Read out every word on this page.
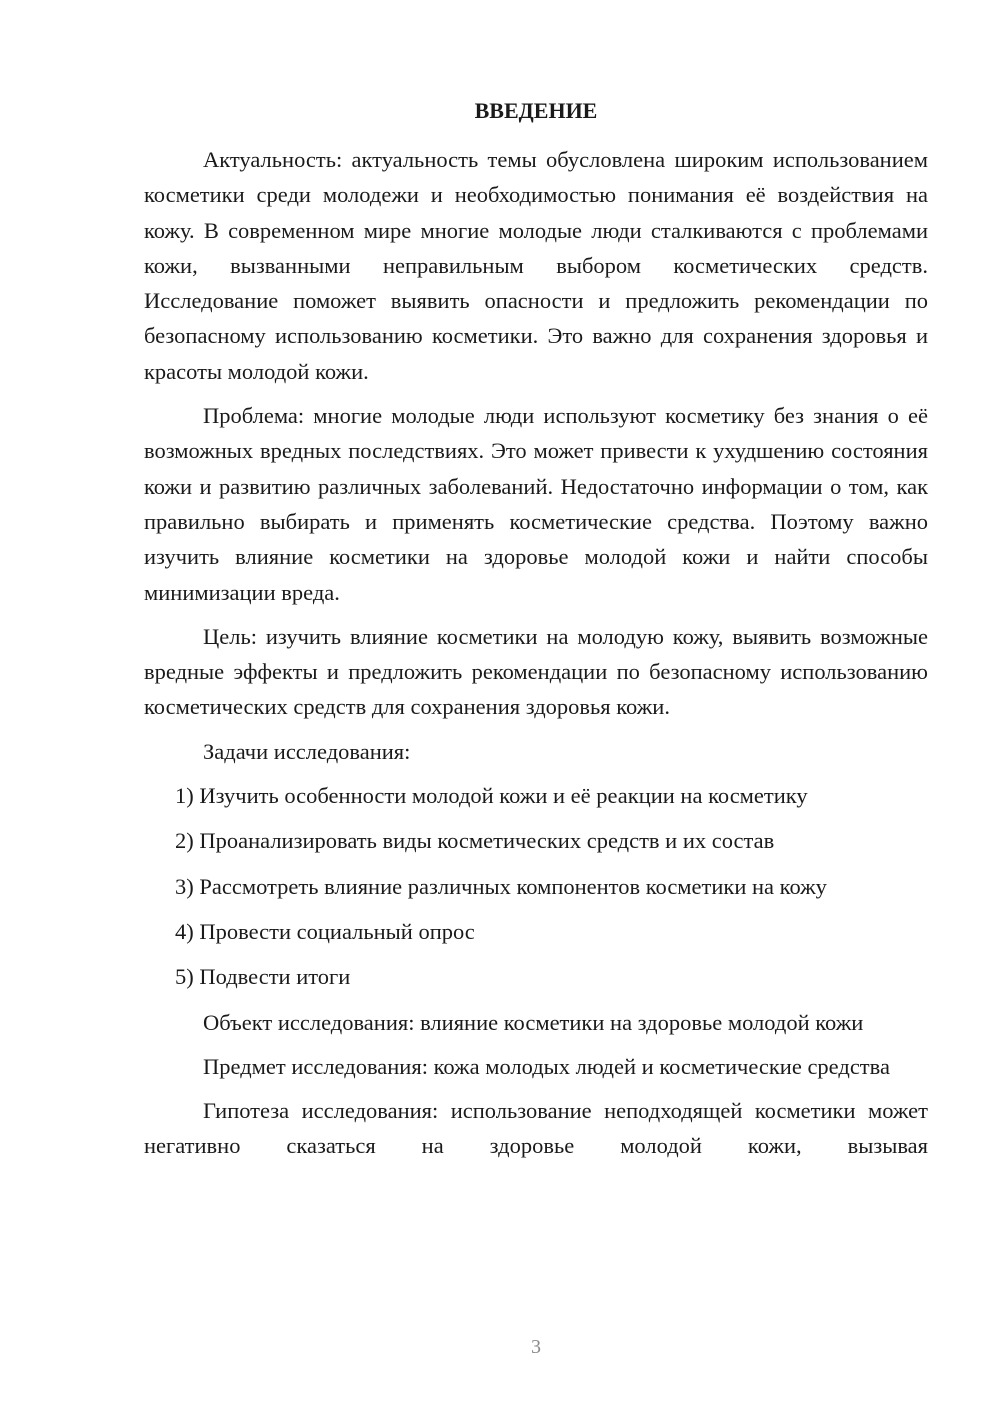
ВВЕДЕНИЕ

Актуальность: актуальность темы обусловлена широким использованием косметики среди молодежи и необходимостью понимания её воздействия на кожу. В современном мире многие молодые люди сталкиваются с проблемами кожи, вызванными неправильным выбором косметических средств. Исследование поможет выявить опасности и предложить рекомендации по безопасному использованию косметики. Это важно для сохранения здоровья и красоты молодой кожи.

Проблема: многие молодые люди используют косметику без знания о её возможных вредных последствиях. Это может привести к ухудшению состояния кожи и развитию различных заболеваний. Недостаточно информации о том, как правильно выбирать и применять косметические средства. Поэтому важно изучить влияние косметики на здоровье молодой кожи и найти способы минимизации вреда.

Цель: изучить влияние косметики на молодую кожу, выявить возможные вредные эффекты и предложить рекомендации по безопасному использованию косметических средств для сохранения здоровья кожи.

Задачи исследования:

1) Изучить особенности молодой кожи и её реакции на косметику

2) Проанализировать виды косметических средств и их состав

3) Рассмотреть влияние различных компонентов косметики на кожу

4) Провести социальный опрос

5) Подвести итоги

Объект исследования: влияние косметики на здоровье молодой кожи

Предмет исследования: кожа молодых людей и косметические средства

Гипотеза исследования: использование неподходящей косметики может негативно сказаться на здоровье молодой кожи, вызывая

3
